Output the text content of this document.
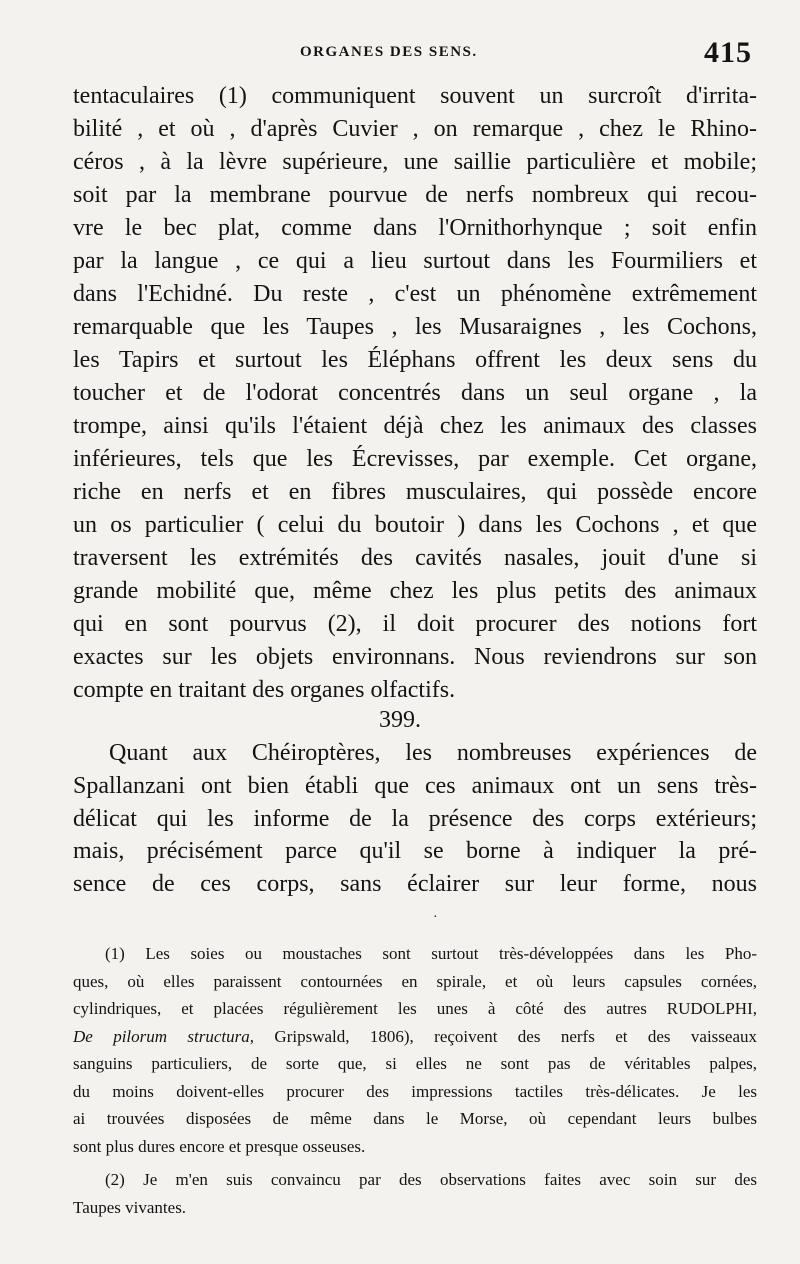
ORGANES DES SENS.	415
tentaculaires (1) communiquent souvent un surcroît d'irrita-
bilité , et où , d'après Cuvier , on remarque , chez le Rhino-
céros , à la lèvre supérieure, une saillie particulière et mobile;
soit par la membrane pourvue de nerfs nombreux qui recou-
vre le bec plat, comme dans l'Ornithorhynque ; soit enfin
par la langue , ce qui a lieu surtout dans les Fourmiliers et
dans l'Echidné. Du reste , c'est un phénomène extrêmement
remarquable que les Taupes , les Musaraignes , les Cochons,
les Tapirs et surtout les Éléphans offrent les deux sens du
toucher et de l'odorat concentrés dans un seul organe , la
trompe, ainsi qu'ils l'étaient déjà chez les animaux des classes
inférieures, tels que les Écrevisses, par exemple. Cet organe,
riche en nerfs et en fibres musculaires, qui possède encore
un os particulier ( celui du boutoir ) dans les Cochons , et que
traversent les extrémités des cavités nasales, jouit d'une si
grande mobilité que, même chez les plus petits des animaux
qui en sont pourvus (2), il doit procurer des notions fort
exactes sur les objets environnans. Nous reviendrons sur son
compte en traitant des organes olfactifs.
399.
Quant aux Chéiroptères, les nombreuses expériences de
Spallanzani ont bien établi que ces animaux ont un sens très-
délicat qui les informe de la présence des corps extérieurs;
mais, précisément parce qu'il se borne à indiquer la pré-
sence de ces corps, sans éclairer sur leur forme, nous
·
(1) Les soies ou moustaches sont surtout très-développées dans les Pho-
ques, où elles paraissent contournées en spirale, et où leurs capsules cornées,
cylindriques, et placées régulièrement les unes à côté des autres RUDOLPHI,
De pilorum structura, Gripswald, 1806), reçoivent des nerfs et des vaisseaux
sanguins particuliers, de sorte que, si elles ne sont pas de véritables palpes,
du moins doivent-elles procurer des impressions tactiles très-délicates. Je les
ai trouvées disposées de même dans le Morse, où cependant leurs bulbes
sont plus dures encore et presque osseuses.
(2) Je m'en suis convaincu par des observations faites avec soin sur des
Taupes vivantes.
